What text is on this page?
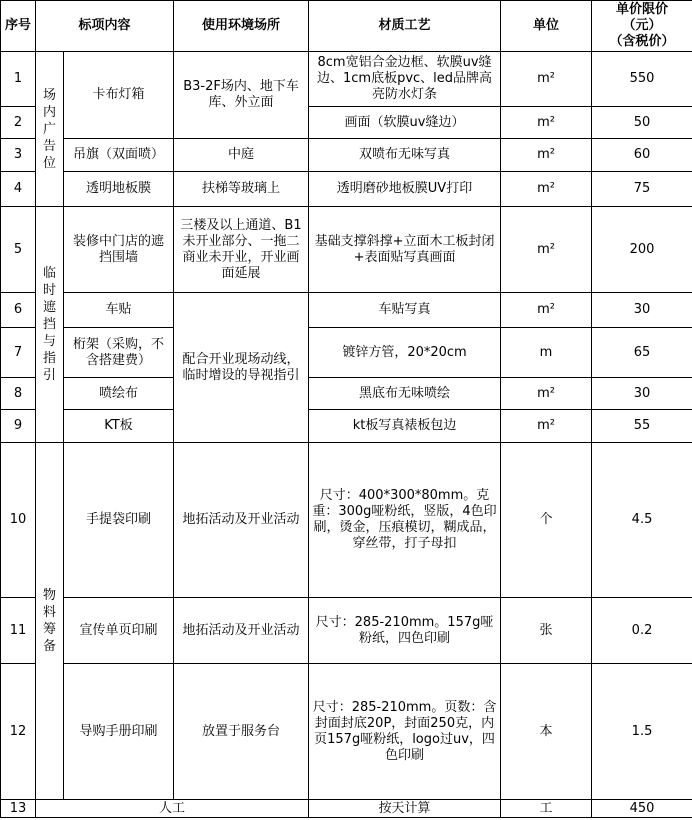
序号	标项内容		使用环境场所	材质工艺	单位	单价限价
（元）
（含税价）

1	场内广告位	卡布灯箱	B3-2F场内、地下车库、外立面	8cm宽铝合金边框、软膜uv缝边、1cm底板pvc、led品牌高亮防水灯条	m²	550
2				画面（软膜uv缝边）	m²	50
3		吊旗（双面喷）	中庭	双喷布无味写真	m²	60
4		透明地板膜	扶梯等玻璃上	透明磨砂地板膜UV打印	m²	75
5	临时遮挡与指引	装修中门店的遮挡围墙	三楼及以上通道、B1未开业部分、一拖二商业未开业，开业画面延展	基础支撑斜撑+立面木工板封闭+表面贴写真画面	m²	200
6		车贴	配合开业现场动线，临时增设的导视指引	车贴写真	m²	30
7		桁架（采购，不含搭建费）		镀锌方管，20*20cm	m	65
8		喷绘布		黑底布无味喷绘	m²	30
9		KT板		kt板写真裱板包边	m²	55
10	物料筹备	手提袋印刷	地拓活动及开业活动	尺寸：400*300*80mm。克重：300g哑粉纸，竖版，4色印刷，烫金，压痕模切，糊成品，穿丝带，打子母扣	个	4.5
11		宣传单页印刷	地拓活动及开业活动	尺寸：285-210mm。157g哑粉纸，四色印刷	张	0.2
12		导购手册印刷	放置于服务台	尺寸：285-210mm。页数：含封面封底20P，封面250克，内页157g哑粉纸，logo过uv，四色印刷	本	1.5
13	人工			按天计算	工	450
